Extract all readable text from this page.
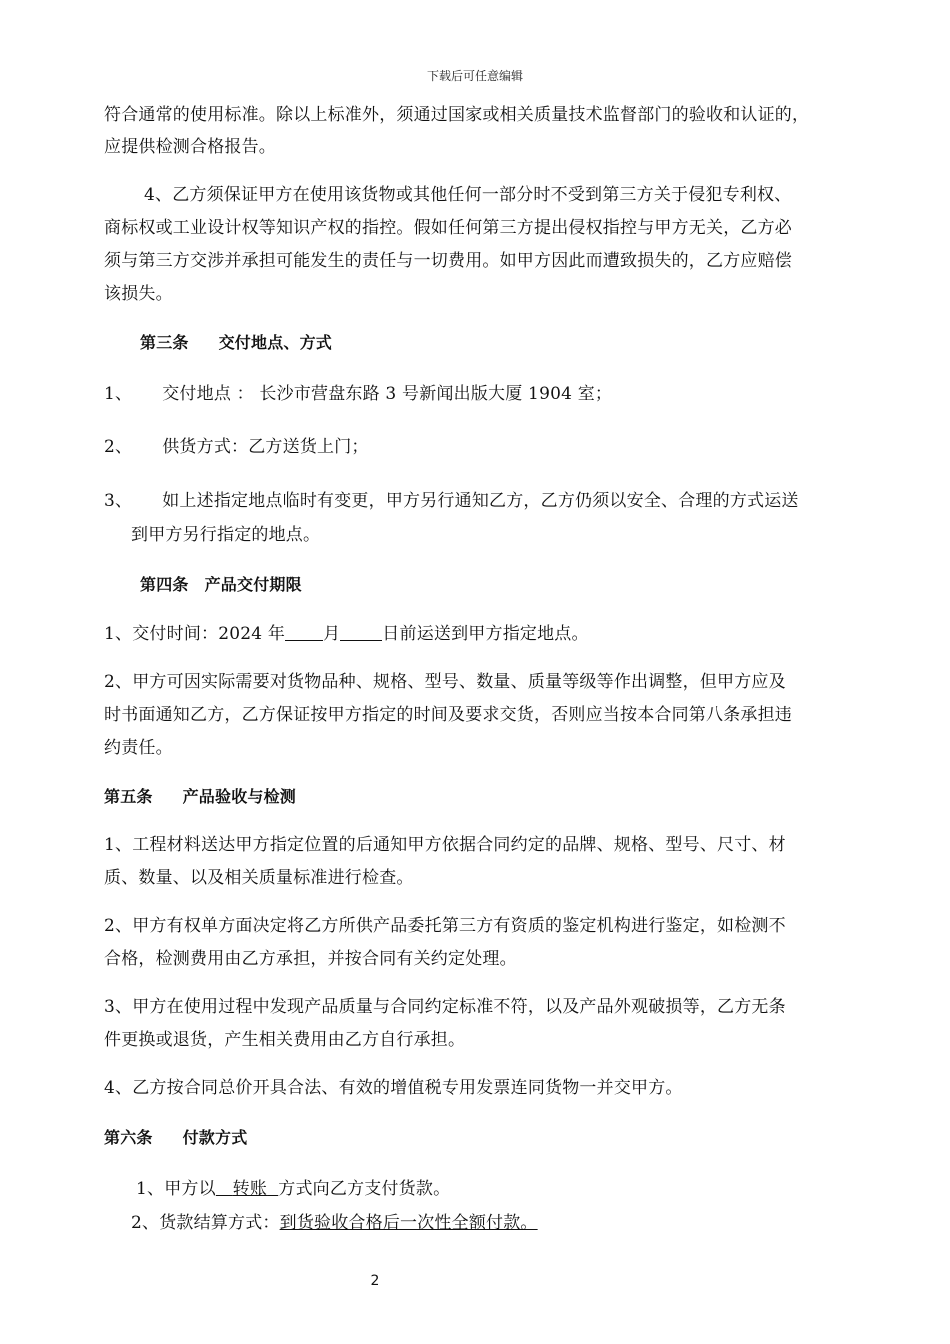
下载后可任意编辑
符合通常的使用标准。除以上标准外，须通过国家或相关质量技术监督部门的验收和认证的，
应提供检测合格报告。
4、乙方须保证甲方在使用该货物或其他任何一部分时不受到第三方关于侵犯专利权、
商标权或工业设计权等知识产权的指控。假如任何第三方提出侵权指控与甲方无关，乙方必
须与第三方交涉并承担可能发生的责任与一切费用。如甲方因此而遭致损失的，乙方应赔偿
该损失。
第三条 交付地点、方式
1、 交付地点 ： 长沙市营盘东路 3 号新闻出版大厦 1904 室；
2、 供货方式：乙方送货上门；
3、 如上述指定地点临时有变更，甲方另行通知乙方，乙方仍须以安全、合理的方式运送
到甲方另行指定的地点。
第四条 产品交付期限
1、交付时间：2024 年 月 日前运送到甲方指定地点。
2、甲方可因实际需要对货物品种、规格、型号、数量、质量等级等作出调整，但甲方应及
时书面通知乙方，乙方保证按甲方指定的时间及要求交货，否则应当按本合同第八条承担违
约责任。
第五条 产品验收与检测
1、工程材料送达甲方指定位置的后通知甲方依据合同约定的品牌、规格、型号、尺寸、材
质、数量、以及相关质量标准进行检查。
2、甲方有权单方面决定将乙方所供产品委托第三方有资质的鉴定机构进行鉴定，如检测不
合格，检测费用由乙方承担，并按合同有关约定处理。
3、甲方在使用过程中发现产品质量与合同约定标准不符，以及产品外观破损等，乙方无条
件更换或退货，产生相关费用由乙方自行承担。
4、乙方按合同总价开具合法、有效的增值税专用发票连同货物一并交甲方。
第六条 付款方式
1、甲方以 转账 方式向乙方支付货款。
2、货款结算方式：到货验收合格后一次性全额付款。
2
